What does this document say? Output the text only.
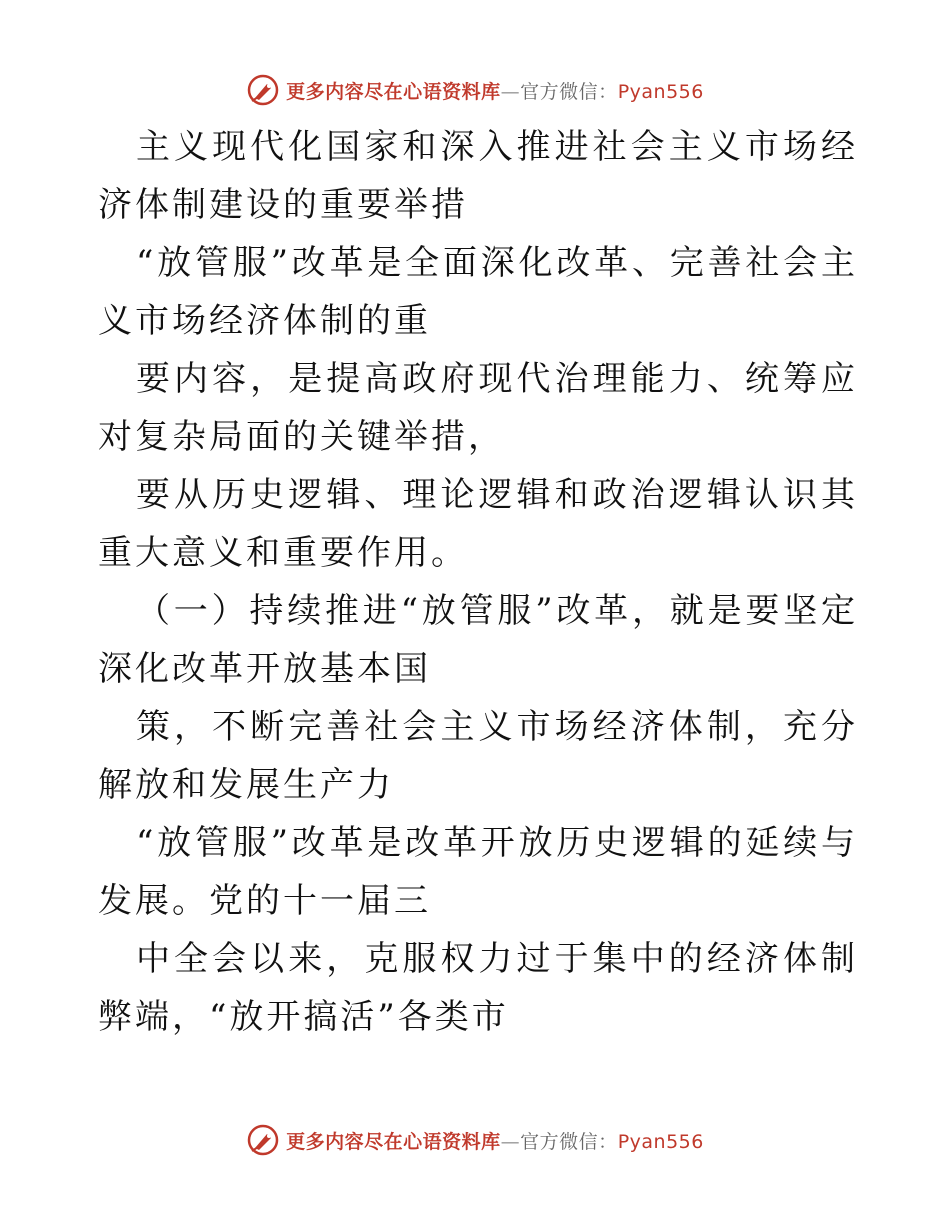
更多内容尽在心语资料库—官方微信：Pyan556

主义现代化国家和深入推进社会主义市场经济体制建设的重要举措

“放管服”改革是全面深化改革、完善社会主义市场经济体制的重

要内容，是提高政府现代治理能力、统筹应对复杂局面的关键举措，

要从历史逻辑、理论逻辑和政治逻辑认识其重大意义和重要作用。

（一）持续推进“放管服”改革，就是要坚定深化改革开放基本国

策，不断完善社会主义市场经济体制，充分解放和发展生产力

“放管服”改革是改革开放历史逻辑的延续与发展。党的十一届三

中全会以来，克服权力过于集中的经济体制弊端，“放开搞活”各类市

更多内容尽在心语资料库—官方微信：Pyan556
